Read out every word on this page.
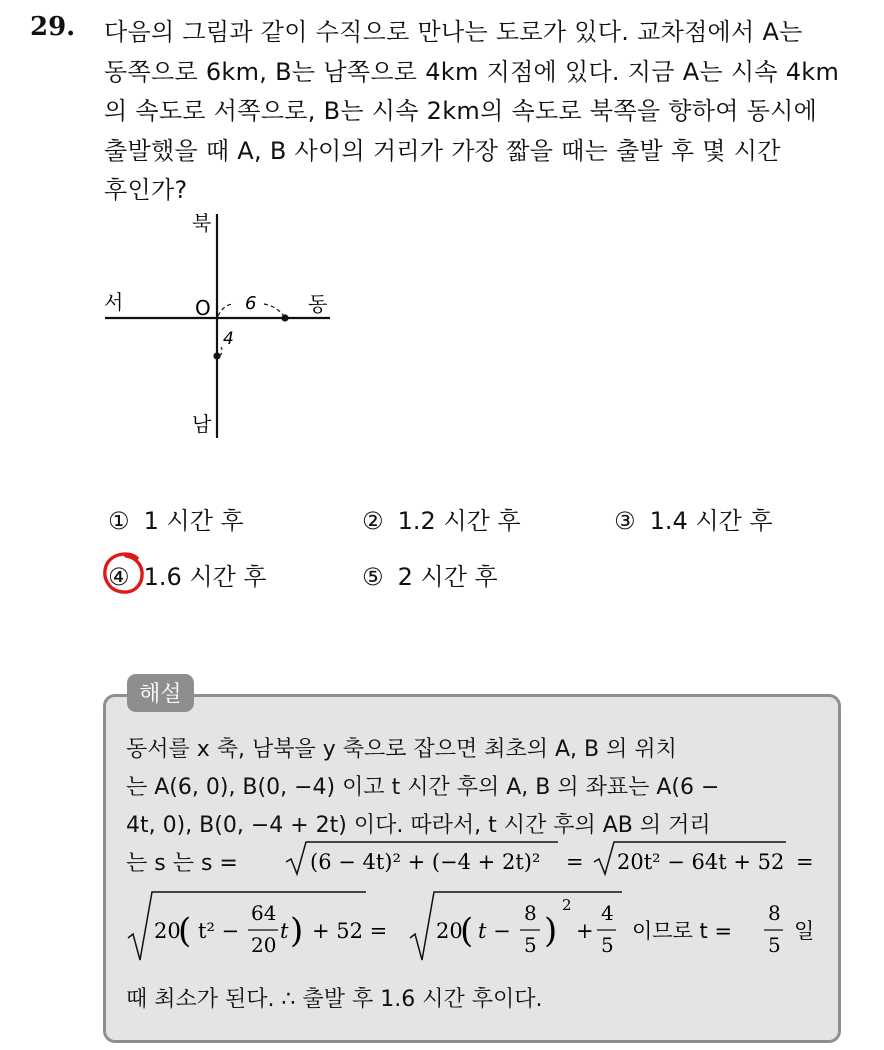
29. 다음의 그림과 같이 수직으로 만나는 도로가 있다. 교차점에서 A는
동쪽으로 6km, B는 남쪽으로 4km 지점에 있다. 지금 A는 시속 4km
의 속도로 서쪽으로, B는 시속 2km의 속도로 북쪽을 향하여 동시에
출발했을 때 A, B 사이의 거리가 가장 짧을 때는 출발 후 몇 시간
후인가?
북
남
서	동
O 6
4
① 1 시간 후	② 1.2 시간 후	③ 1.4 시간 후
④ 1.6 시간 후	⑤ 2 시간 후
해설
동서를 x 축, 남북을 y 축으로 잡으면 최초의 A, B 의 위치
는 A(6, 0), B(0, −4) 이고 t 시간 후의 A, B 의 좌표는 A(6 −
4t, 0), B(0, −4 + 2t) 이다. 따라서, t 시간 후의 AB 의 거리
는 s 는 s =	(6 − 4t)² + (−4 + 2t)² = 20t² − 64t + 52 =
20
( t² −
64
20
t ) + 52 = 20
( t −
8
5 )
2
+
4
5
이므로 t =
8
5
일
때 최소가 된다. ∴ 출발 후 1.6 시간 후이다.
